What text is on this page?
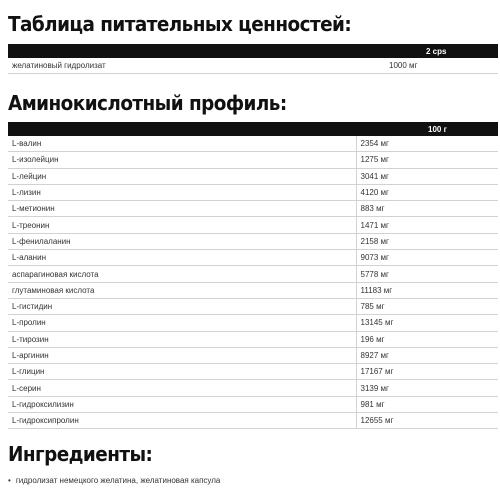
Таблица питательных ценностей:
	2 cps
желатиновый гидролизат	1000 мг
Аминокислотный профиль:
	100 г
L-валин	2354 мг
L-изолейцин	1275 мг
L-лейцин	3041 мг
L-лизин	4120 мг
L-метионин	883 мг
L-треонин	1471 мг
L-фенилаланин	2158 мг
L-аланин	9073 мг
аспарагиновая кислота	5778 мг
глутаминовая кислота	11183 мг
L-гистидин	785 мг
L-пролин	13145 мг
L-тирозин	196 мг
L-аргинин	8927 мг
L-глицин	17167 мг
L-серин	3139 мг
L-гидроксилизин	981 мг
L-гидроксипролин	12655 мг
Ингредиенты:
• гидролизат немецкого желатина, желатиновая капсула
